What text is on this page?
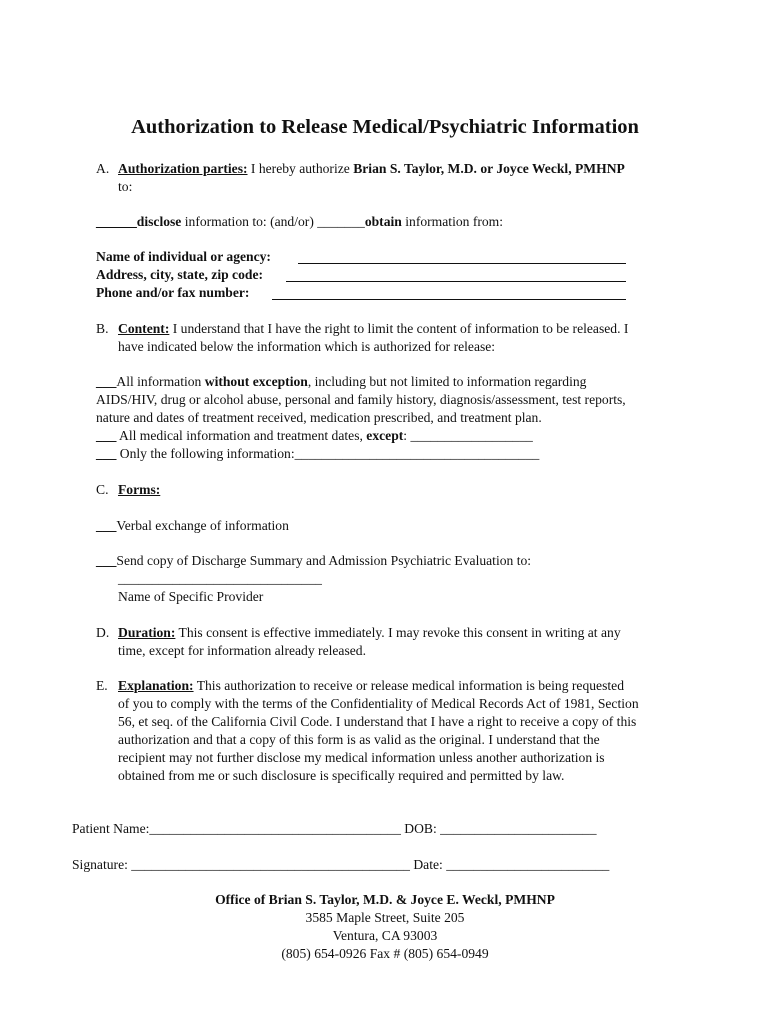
Authorization to Release Medical/Psychiatric Information
A. Authorization parties: I hereby authorize Brian S. Taylor, M.D. or Joyce Weckl, PMHNP
to:
______disclose information to: (and/or) _______obtain information from:
Name of individual or agency:
Address, city, state, zip code:
Phone and/or fax number:
B. Content: I understand that I have the right to limit the content of information to be released. I
have indicated below the information which is authorized for release:
___All information without exception, including but not limited to information regarding
AIDS/HIV, drug or alcohol abuse, personal and family history, diagnosis/assessment, test reports,
nature and dates of treatment received, medication prescribed, and treatment plan.
___ All medical information and treatment dates, except: __________________
___ Only the following information:____________________________________
C. Forms:
___Verbal exchange of information
___Send copy of Discharge Summary and Admission Psychiatric Evaluation to:
______________________________
Name of Specific Provider
D. Duration: This consent is effective immediately. I may revoke this consent in writing at any
time, except for information already released.
E. Explanation: This authorization to receive or release medical information is being requested
of you to comply with the terms of the Confidentiality of Medical Records Act of 1981, Section
56, et seq. of the California Civil Code. I understand that I have a right to receive a copy of this
authorization and that a copy of this form is as valid as the original. I understand that the
recipient may not further disclose my medical information unless another authorization is
obtained from me or such disclosure is specifically required and permitted by law.
Patient Name:_____________________________________ DOB: _______________________
Signature: _________________________________________ Date: ________________________
Office of Brian S. Taylor, M.D. & Joyce E. Weckl, PMHNP
3585 Maple Street, Suite 205
Ventura, CA 93003
(805) 654-0926 Fax # (805) 654-0949
